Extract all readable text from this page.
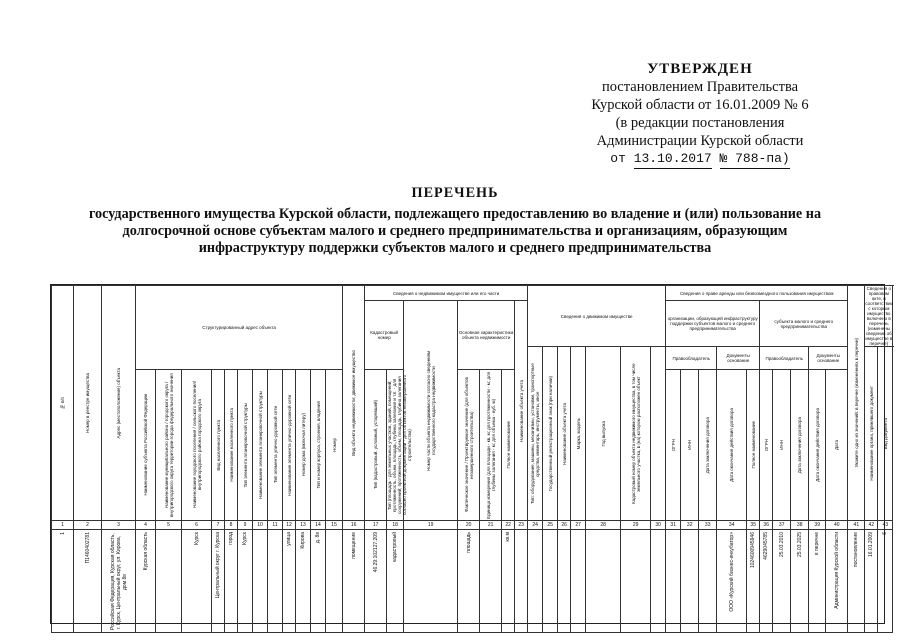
УТВЕРЖДЕН
постановлением Правительства
Курской области от 16.01.2009 № 6
(в редакции постановления
Администрации Курской области
от 13.10.2017 № 788-па)
ПЕРЕЧЕНЬ
государственного имущества Курской области, подлежащего предоставлению во владение и (или) пользование на
долгосрочной основе субъектам малого и среднего предпринимательства и организациям, образующим
инфраструктуру поддержки субъектов малого и среднего предпринимательства
№ п/п	Номер в реестре имущества	Адрес (местоположение) объекта	Структурированный адрес объекта												Вид объекта недвижимости; движимое имущество	Сведения о недвижимом имуществе или его части							Сведения о движимом имуществе							Сведения о праве аренды или безвозмездного пользования имуществом										Укажите одно из значений: в перечне (изменениях в перечни)	Сведения о правовом акте, в соответствии с которым имущество включено в перечень (изменены сведения об имуществе в перечне)		
																Кадастровый номер		Номер части объекта недвижимости согласно сведениям государственного кадастра недвижимости	Основная характеристика объекта недвижимости			Наименование объекта учета								организации, образующей инфраструктуру поддержки субъектов малого и среднего предпринимательства					субъекта малого и среднего предпринимательства								

																							Тип: оборудование, машины, механизмы, установки, транспортные средства, инвентарь, инструменты, иное	Государственный регистрационный знак (при наличии)	Наименование объекта учета	Марка, модель	Год выпуска	Кадастровый номер объекта недвижимого имущества, в том числе земельного участка, в (на) котором расположен объект		Правообладатель			Документы основание		Правообладатель			Документы основание			Наименование органа, принявшего документ	Вид документа

			Наименование субъекта Российской Федерации	Наименование муниципального района / городского округа / внутригородского округа территории города федерального значения	Наименование городского поселения / сельского поселения/ внутригородского района городского округа	Вид населенного пункта	Наименование населенного пункта	Тип элемента планировочной структуры	Наименование элемента планировочной структуры	Тип элемента улично-дорожной сети	Наименование элемента улично-дорожной сети	Номер дома (включая литеру)	Тип и номер корпуса, строения, владения	Номер		Тип (кадастровый, условный, устаревший)	Тип (площадь - для земельных участков, зданий, помещений; протяженность, объем, площадь, глубина залегания и т.п. - для сооружений; протяженность, объем, площадь, глубина залегания согласно проектной документации - для объектов незавершенного строительства)		Фактическое значение / Проектируемое значение (для объектов незавершенного строительства)	Единица измерения (для площади - кв. м; для протяженности - м; для глубины залегания - м; для объема - куб. м)	Полное наименование									ОГРН	ИНН	Дата заключения договора	Дата окончания действия договора	Полное наименование	ОГРН	ИНН	Дата заключения договора	Дата окончания действия договора	Дата

1	2	3	4	5	6	7	8	9	10	11	12	13	14	15	16	17	18	19	20	21	22	23	24	25	26	27	28	29	30	31	32	33	34	35	36	37	38	39	40	41	42	43	

1	П1460402781	Российская Федерация, Курская область, г. Курск, Центральный округ, ул. Кирова, дом 8в	Курская область		Курск	Центральный округ г. Курска	город	Курск			улица	Кирова	д. 8в		помещение	46:29:102127:209	кадастровый		площадь		кв.м												ООО «Курский бизнес-инкубатор»	1024600945946	4629045785	25.03.2010	25.03.2025	в перечне	Администрация Курской области	постановление	16.01.2009	6	
